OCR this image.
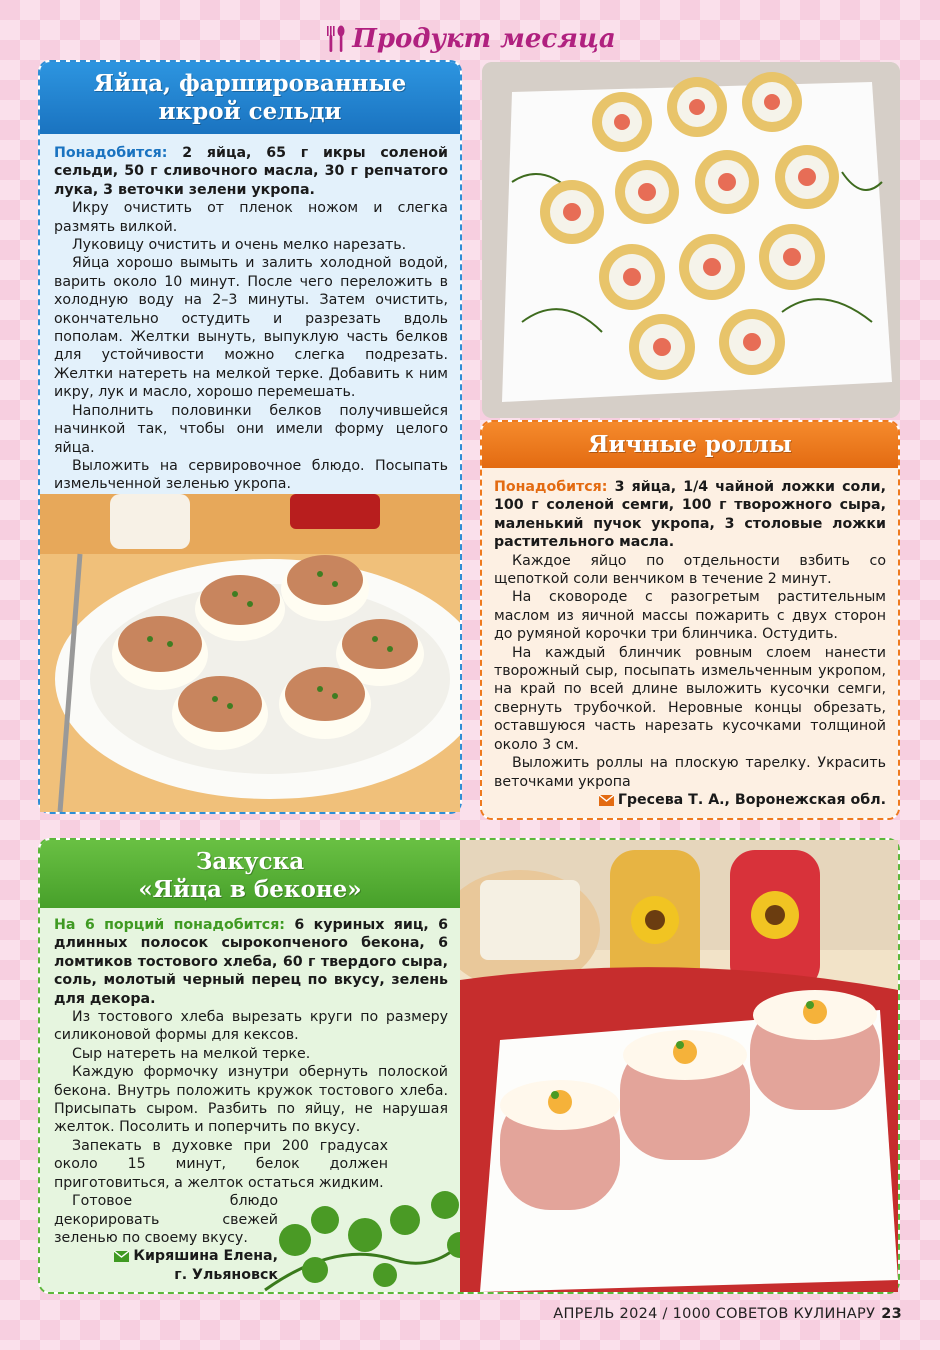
Продукт месяца
Яйца, фаршированные
икрой сельди

Понадобится: 2 яйца, 65 г икры соленой сельди, 50 г сливочного масла, 30 г репчатого лука, 3 веточки зелени укропа.

Икру очистить от пленок ножом и слегка размять вилкой.

Луковицу очистить и очень мелко нарезать.

Яйца хорошо вымыть и залить холодной водой, варить около 10 минут. После чего переложить в холодную воду на 2–3 минуты. Затем очистить, окончательно остудить и разрезать вдоль пополам. Желтки вынуть, выпуклую часть белков для устойчивости можно слегка подрезать. Желтки натереть на мелкой терке. Добавить к ним икру, лук и масло, хорошо перемешать.

Наполнить половинки белков получившейся начинкой так, чтобы они имели форму целого яйца.

Выложить на сервировочное блюдо. Посыпать измельченной зеленью укропа.

Яичные роллы

Понадобится: 3 яйца, 1/4 чайной ложки соли, 100 г соленой семги, 100 г творожного сыра, маленький пучок укропа, 3 столовые ложки растительного масла.

Каждое яйцо по отдельности взбить со щепоткой соли венчиком в течение 2 минут.

На сковороде с разогретым растительным маслом из яичной массы пожарить с двух сторон до румяной корочки три блинчика. Остудить.

На каждый блинчик ровным слоем нанести творожный сыр, посыпать измельченным укропом, на край по всей длине выложить кусочки семги, свернуть трубочкой. Неровные концы обрезать, оставшуюся часть нарезать кусочками толщиной около 3 см.

Выложить роллы на плоскую тарелку. Украсить веточками укропа

Гресева Т. А., Воронежская обл.

Закуска
«Яйца в беконе»

На 6 порций понадобится: 6 куриных яиц, 6 длинных полосок сырокопченого бекона, 6 ломтиков тостового хлеба, 60 г твердого сыра, соль, молотый черный перец по вкусу, зелень для декора.

Из тостового хлеба вырезать круги по размеру силиконовой формы для кексов.

Сыр натереть на мелкой терке.

Каждую формочку изнутри обернуть полоской бекона. Внутрь положить кружок тостового хлеба. Присыпать сыром. Разбить по яйцу, не нарушая желток. Посолить и поперчить по вкусу.

Запекать в духовке при 200 градусах около 15 минут, белок должен приготовиться, а желток остаться жидким.

Готовое блюдо декорировать свежей зеленью по своему вкусу.

Киряшина Елена,

г. Ульяновск

АПРЕЛЬ 2024 / 1000 СОВЕТОВ КУЛИНАРУ 23
